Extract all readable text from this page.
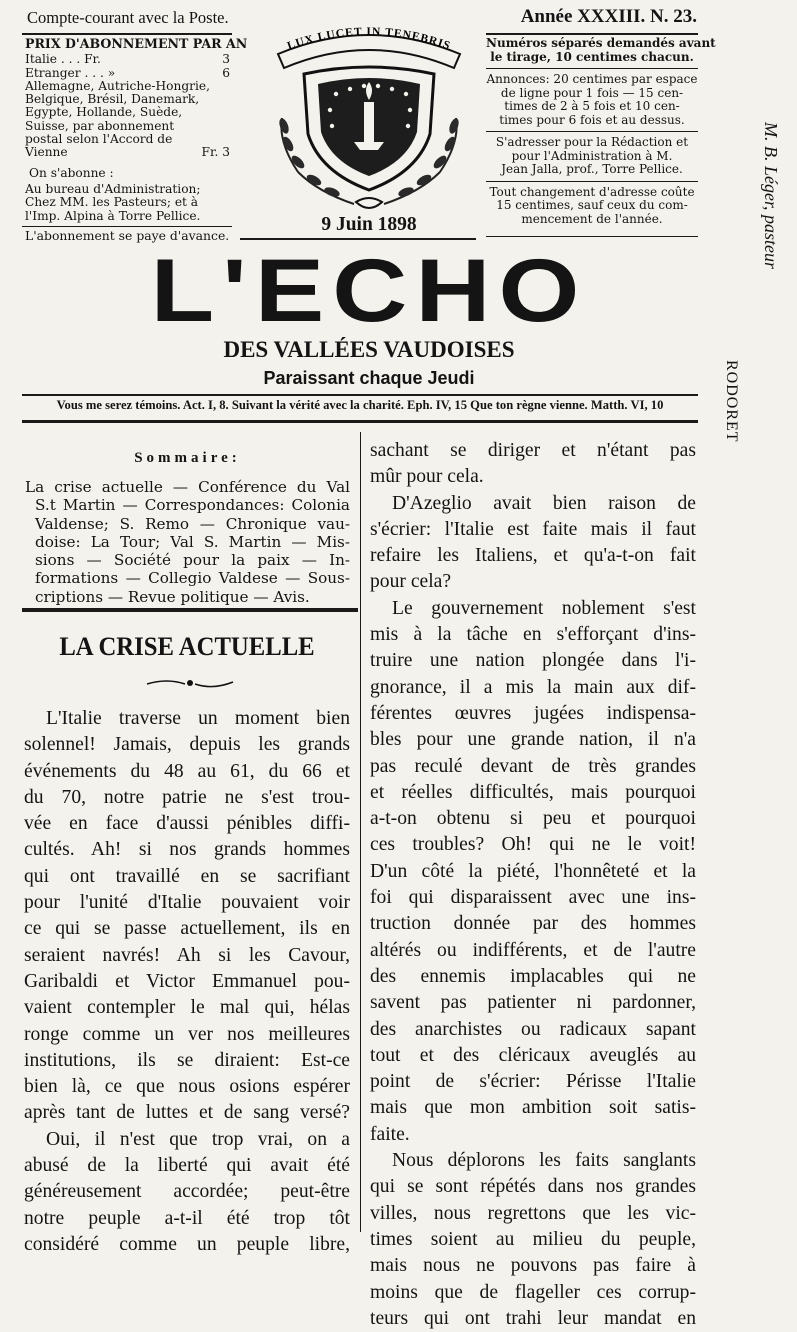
Compte-courant avec la Poste.	Année XXXIII. N. 23.
PRIX D'ABONNEMENT PAR AN
Italie . . . Fr.	3
Etranger . . . »	6
Allemagne, Autriche-Hongrie,
Belgique, Brésil, Danemark,
Egypte, Hollande, Suède,
Suisse, par abonnement
postal selon l'Accord de
Vienne	Fr. 3
On s'abonne :
Au bureau d'Administration;
Chez MM. les Pasteurs; et à
l'Imp. Alpina à Torre Pellice.
L'abonnement se paye d'avance.
LUX LUCET IN TENEBRIS
9 Juin 1898
Numéros séparés demandés avant
le tirage, 10 centimes chacun.
Annonces: 20 centimes par espace
de ligne pour 1 fois — 15 cen-
times de 2 à 5 fois et 10 cen-
times pour 6 fois et au dessus.
S'adresser pour la Rédaction et
pour l'Administration à M.
Jean Jalla, prof., Torre Pellice.
Tout changement d'adresse coûte
15 centimes, sauf ceux du com-
mencement de l'année.
L'ECHO
DES VALLÉES VAUDOISES
Paraissant chaque Jeudi
Vous me serez témoins. Act. I, 8. Suivant la vérité avec la charité. Eph. IV, 15 Que ton règne vienne. Matth. VI, 10
M. B. Léger, pasteur
RODORET
Sommaire:
La crise actuelle — Conférence du Val
S.t Martin — Correspondances: Colonia
Valdense; S. Remo — Chronique vau-
doise: La Tour; Val S. Martin — Mis-
sions — Société pour la paix — In-
formations — Collegio Valdese — Sous-
criptions — Revue politique — Avis.
LA CRISE ACTUELLE

L'Italie traverse un moment bien

solennel! Jamais, depuis les grands

événements du 48 au 61, du 66 et

du 70, notre patrie ne s'est trou-

vée en face d'aussi pénibles diffi-

cultés. Ah! si nos grands hommes

qui ont travaillé en se sacrifiant

pour l'unité d'Italie pouvaient voir

ce qui se passe actuellement, ils en

seraient navrés! Ah si les Cavour,

Garibaldi et Victor Emmanuel pou-

vaient contempler le mal qui, hélas

ronge comme un ver nos meilleures

institutions, ils se diraient: Est-ce

bien là, ce que nous osions espérer

après tant de luttes et de sang versé?

Oui, il n'est que trop vrai, on a

abusé de la liberté qui avait été

généreusement accordée; peut-être

notre peuple a-t-il été trop tôt

considéré comme un peuple libre,

sachant se diriger et n'étant pas

mûr pour cela.

D'Azeglio avait bien raison de

s'écrier: l'Italie est faite mais il faut

refaire les Italiens, et qu'a-t-on fait

pour cela?

Le gouvernement noblement s'est

mis à la tâche en s'efforçant d'ins-

truire une nation plongée dans l'i-

gnorance, il a mis la main aux dif-

férentes œuvres jugées indispensa-

bles pour une grande nation, il n'a

pas reculé devant de très grandes

et réelles difficultés, mais pourquoi

a-t-on obtenu si peu et pourquoi

ces troubles? Oh! qui ne le voit!

D'un côté la piété, l'honnêteté et la

foi qui disparaissent avec une ins-

truction donnée par des hommes

altérés ou indifférents, et de l'autre

des ennemis implacables qui ne

savent pas patienter ni pardonner,

des anarchistes ou radicaux sapant

tout et des cléricaux aveuglés au

point de s'écrier: Périsse l'Italie

mais que mon ambition soit satis-

faite.

Nous déplorons les faits sanglants

qui se sont répétés dans nos grandes

villes, nous regrettons que les vic-

times soient au milieu du peuple,

mais nous ne pouvons pas faire à

moins que de flageller ces corrup-

teurs qui ont trahi leur mandat en
